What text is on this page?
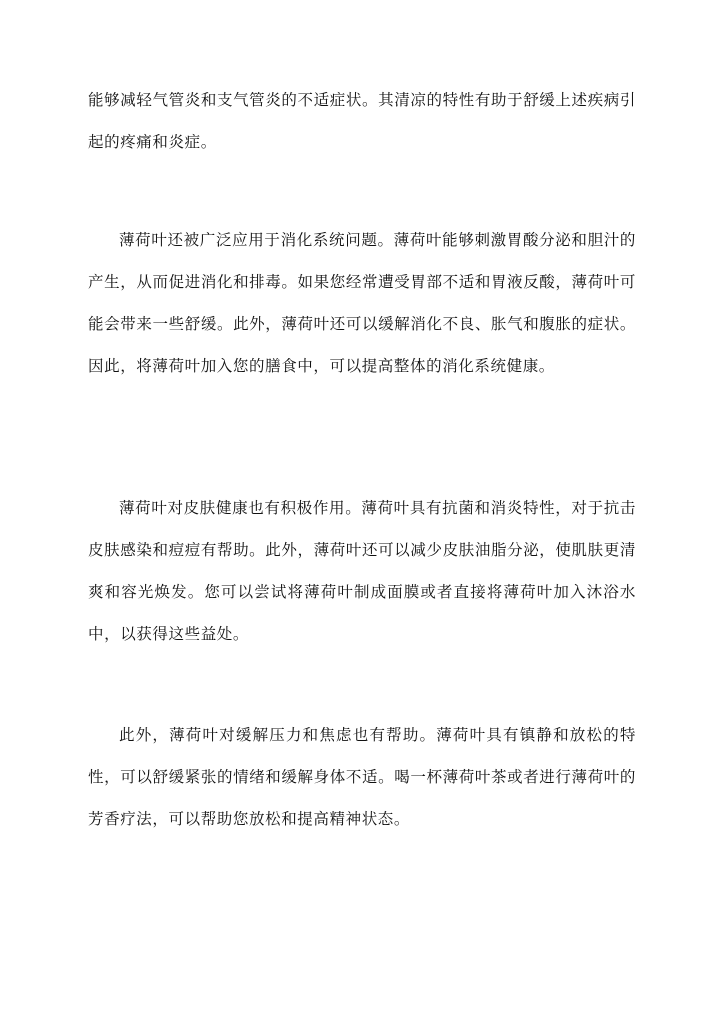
能够减轻气管炎和支气管炎的不适症状。其清凉的特性有助于舒缓上述疾病引起的疼痛和炎症。

薄荷叶还被广泛应用于消化系统问题。薄荷叶能够刺激胃酸分泌和胆汁的产生，从而促进消化和排毒。如果您经常遭受胃部不适和胃液反酸，薄荷叶可能会带来一些舒缓。此外，薄荷叶还可以缓解消化不良、胀气和腹胀的症状。因此，将薄荷叶加入您的膳食中，可以提高整体的消化系统健康。

薄荷叶对皮肤健康也有积极作用。薄荷叶具有抗菌和消炎特性，对于抗击皮肤感染和痘痘有帮助。此外，薄荷叶还可以减少皮肤油脂分泌，使肌肤更清爽和容光焕发。您可以尝试将薄荷叶制成面膜或者直接将薄荷叶加入沐浴水中，以获得这些益处。

此外，薄荷叶对缓解压力和焦虑也有帮助。薄荷叶具有镇静和放松的特性，可以舒缓紧张的情绪和缓解身体不适。喝一杯薄荷叶茶或者进行薄荷叶的芳香疗法，可以帮助您放松和提高精神状态。
